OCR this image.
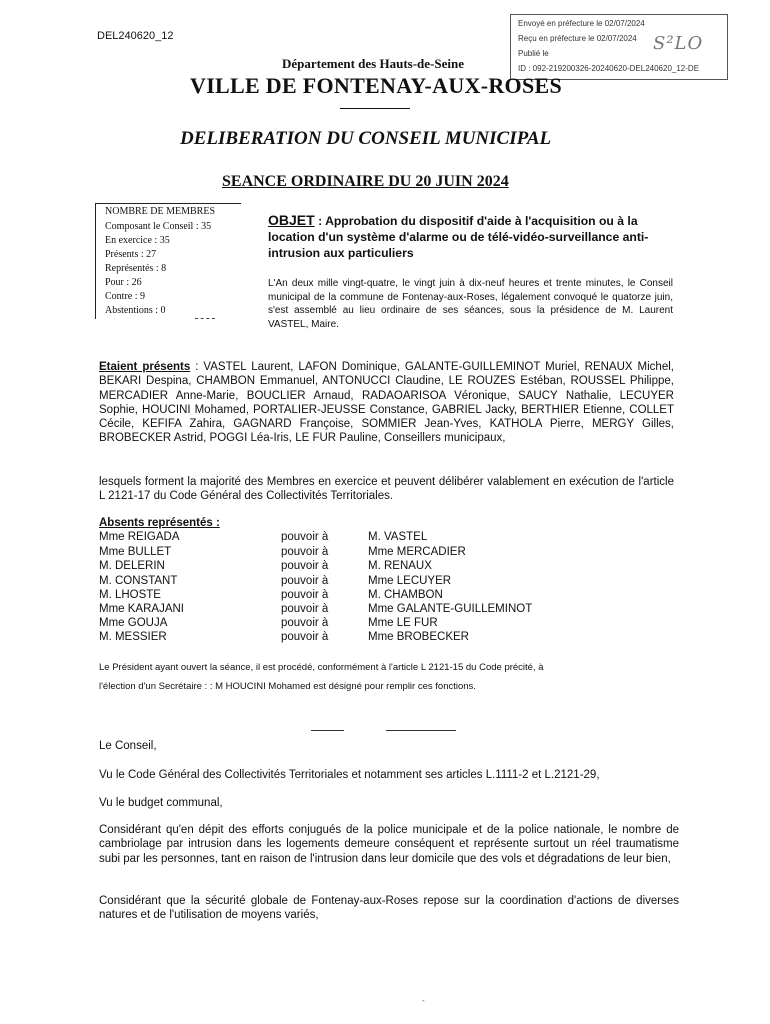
DEL240620_12
Envoyé en préfecture le 02/07/2024
Reçu en préfecture le 02/07/2024
Publié le
ID : 092-219200326-20240620-DEL240620_12-DE
S²LO
Département des Hauts-de-Seine
VILLE DE FONTENAY-AUX-ROSES
DELIBERATION DU CONSEIL MUNICIPAL
SEANCE ORDINAIRE DU 20 JUIN 2024
NOMBRE DE MEMBRES
Composant le Conseil : 35
En exercice : 35
Présents : 27
Représentés : 8
Pour : 26
Contre : 9
Abstentions : 0
OBJET : Approbation du dispositif d'aide à l'acquisition ou à la location d'un système d'alarme ou de télé-vidéo-surveillance anti-intrusion aux particuliers
L'An deux mille vingt-quatre, le vingt juin à dix-neuf heures et trente minutes, le Conseil municipal de la commune de Fontenay-aux-Roses, légalement convoqué le quatorze juin, s'est assemblé au lieu ordinaire de ses séances, sous la présidence de M. Laurent VASTEL, Maire.
Etaient présents : VASTEL Laurent, LAFON Dominique, GALANTE-GUILLEMINOT Muriel, RENAUX Michel, BEKARI Despina, CHAMBON Emmanuel, ANTONUCCI Claudine, LE ROUZES Estéban, ROUSSEL Philippe, MERCADIER Anne-Marie, BOUCLIER Arnaud, RADAOARISOA Véronique, SAUCY Nathalie, LECUYER Sophie, HOUCINI Mohamed, PORTALIER-JEUSSE Constance, GABRIEL Jacky, BERTHIER Etienne, COLLET Cécile, KEFIFA Zahira, GAGNARD Françoise, SOMMIER Jean-Yves, KATHOLA Pierre, MERGY Gilles, BROBECKER Astrid, POGGI Léa-Iris, LE FUR Pauline, Conseillers municipaux,
lesquels forment la majorité des Membres en exercice et peuvent délibérer valablement en exécution de l'article L 2121-17 du Code Général des Collectivités Territoriales.
Absents représentés :
Mme REIGADA	pouvoir à	M. VASTEL
Mme BULLET	pouvoir à	Mme MERCADIER
M. DELERIN	pouvoir à	M. RENAUX
M. CONSTANT	pouvoir à	Mme LECUYER
M. LHOSTE	pouvoir à	M. CHAMBON
Mme KARAJANI	pouvoir à	Mme GALANTE-GUILLEMINOT
Mme GOUJA	pouvoir à	Mme LE FUR
M. MESSIER	pouvoir à	Mme BROBECKER
Le Président ayant ouvert la séance, il est procédé, conformément à l'article L 2121-15 du Code précité, à
l'élection d'un Secrétaire : : M HOUCINI Mohamed est désigné pour remplir ces fonctions.
Le Conseil,
Vu le Code Général des Collectivités Territoriales et notamment ses articles L.1111-2 et L.2121-29,
Vu le budget communal,
Considérant qu'en dépit des efforts conjugués de la police municipale et de la police nationale, le nombre de cambriolage par intrusion dans les logements demeure conséquent et représente surtout un réel traumatisme subi par les personnes, tant en raison de l'intrusion dans leur domicile que des vols et dégradations de leur bien,
Considérant que la sécurité globale de Fontenay-aux-Roses repose sur la coordination d'actions de diverses natures et de l'utilisation de moyens variés,
-
